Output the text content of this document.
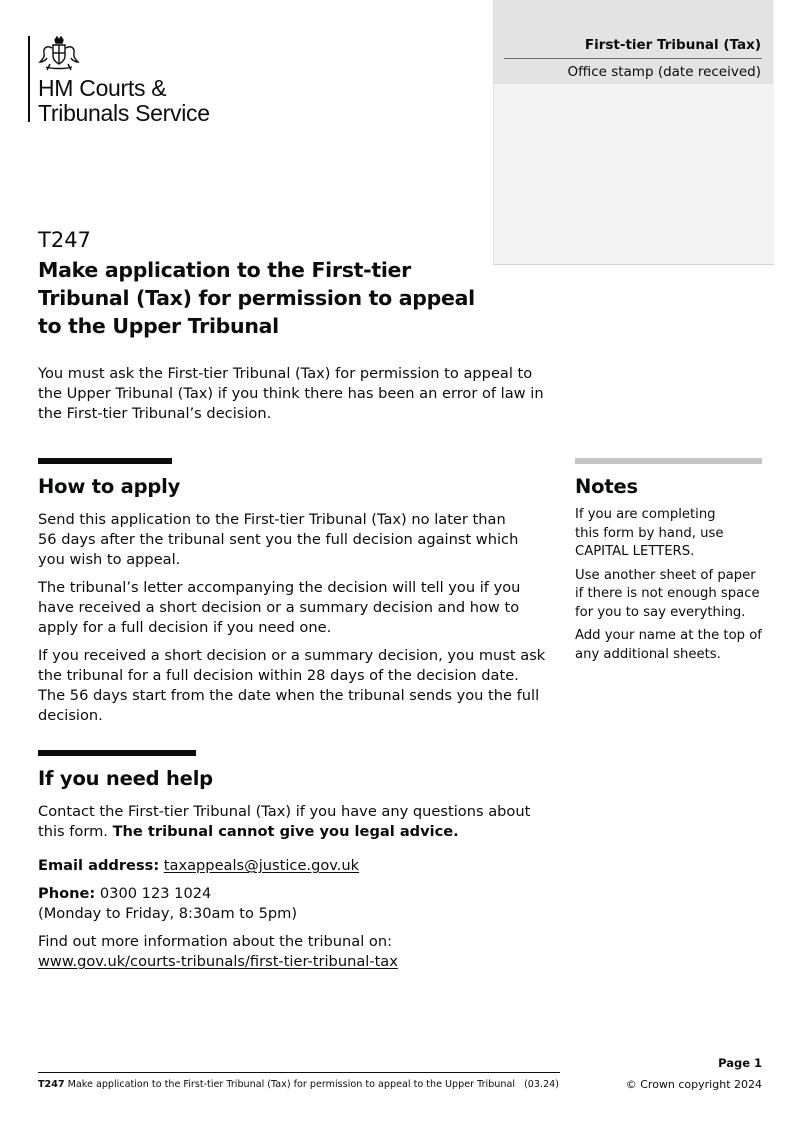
HM Courts &
Tribunals Service
First-tier Tribunal (Tax)
Office stamp (date received)
T247
Make application to the First-tier Tribunal (Tax) for permission to appeal to the Upper Tribunal
You must ask the First-tier Tribunal (Tax) for permission to appeal to the Upper Tribunal (Tax) if you think there has been an error of law in the First-tier Tribunal’s decision.
How to apply

Send this application to the First-tier Tribunal (Tax) no later than
56 days after the tribunal sent you the full decision against which
you wish to appeal.

The tribunal’s letter accompanying the decision will tell you if you have received a short decision or a summary decision and how to apply for a full decision if you need one.

If you received a short decision or a summary decision, you must ask
the tribunal for a full decision within 28 days of the decision date.
The 56 days start from the date when the tribunal sends you the full decision.

If you need help

Contact the First-tier Tribunal (Tax) if you have any questions about this form. The tribunal cannot give you legal advice.

Email address: taxappeals@justice.gov.uk

Phone: 0300 123 1024
(Monday to Friday, 8:30am to 5pm)

Find out more information about the tribunal on:
www.gov.uk/courts-tribunals/first-tier-tribunal-tax

Notes

If you are completing
this form by hand, use
CAPITAL LETTERS.

Use another sheet of paper
if there is not enough space
for you to say everything.

Add your name at the top of
any additional sheets.

Page 1
T247 Make application to the First-tier Tribunal (Tax) for permission to appeal to the Upper Tribunal (03.24)	© Crown copyright 2024
